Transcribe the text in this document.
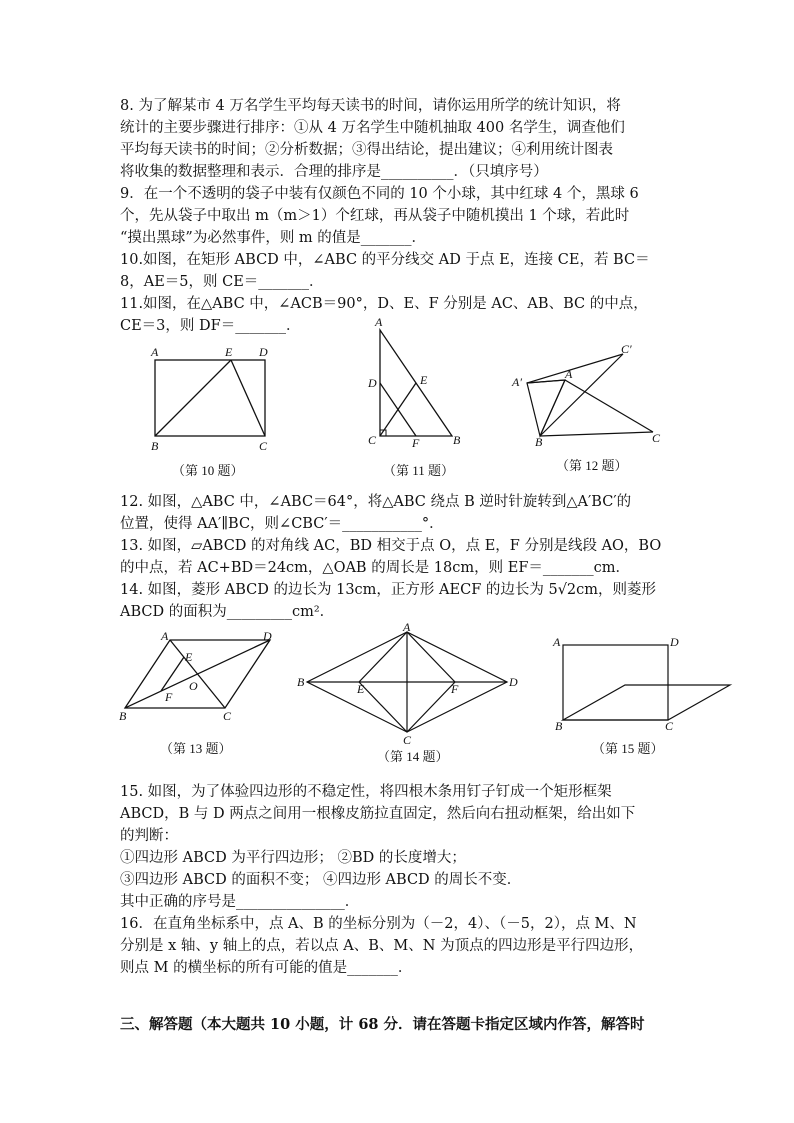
8. 为了解某市 4 万名学生平均每天读书的时间，请你运用所学的统计知识，将
统计的主要步骤进行排序：①从 4 万名学生中随机抽取 400 名学生，调查他们
平均每天读书的时间；②分析数据；③得出结论，提出建议；④利用统计图表
将收集的数据整理和表示．合理的排序是__________．（只填序号）
9．在一个不透明的袋子中装有仅颜色不同的 10 个小球，其中红球 4 个，黑球 6
个，先从袋子中取出 m（m＞1）个红球，再从袋子中随机摸出 1 个球，若此时
“摸出黑球”为必然事件，则 m 的值是_______．
10.如图，在矩形 ABCD 中，∠ABC 的平分线交 AD 于点 E，连接 CE，若 BC＝
8，AE＝5，则 CE＝_______．
11.如图，在△ABC 中，∠ACB＝90°，D、E、F 分别是 AC、AB、BC 的中点，
CE＝3，则 DF＝_______．
A	E D
B	C
（第 10 题）
A
D	E
C	F	B
（第 11 题）
C′
A′
A
B	C
（第 12 题）
12. 如图，△ABC 中，∠ABC＝64°，将△ABC 绕点 B 逆时针旋转到△A′BC′的
位置，使得 AA′∥BC，则∠CBC′＝___________°．
13. 如图，▱ABCD 的对角线 AC，BD 相交于点 O，点 E，F 分别是线段 AO，BO
的中点，若 AC+BD＝24cm，△OAB 的周长是 18cm，则 EF＝_______cm．
14. 如图，菱形 ABCD 的边长为 13cm，正方形 AECF 的边长为 5√2cm，则菱形
ABCD 的面积为_________cm²．
A	D
E
O
F
B	C
（第 13 题）
A
B	E	F	D
C
（第 14 题）
A	D
B	C
（第 15 题）
15. 如图，为了体验四边形的不稳定性，将四根木条用钉子钉成一个矩形框架
ABCD，B 与 D 两点之间用一根橡皮筋拉直固定，然后向右扭动框架，给出如下
的判断：
①四边形 ABCD 为平行四边形； ②BD 的长度增大；
③四边形 ABCD 的面积不变； ④四边形 ABCD 的周长不变．
其中正确的序号是_______________．
16．在直角坐标系中，点 A、B 的坐标分别为（－2，4）、（－5，2），点 M、N
分别是 x 轴、y 轴上的点，若以点 A、B、M、N 为顶点的四边形是平行四边形，
则点 M 的横坐标的所有可能的值是_______．
三、解答题（本大题共 10 小题，计 68 分．请在答题卡指定区域内作答，解答时
